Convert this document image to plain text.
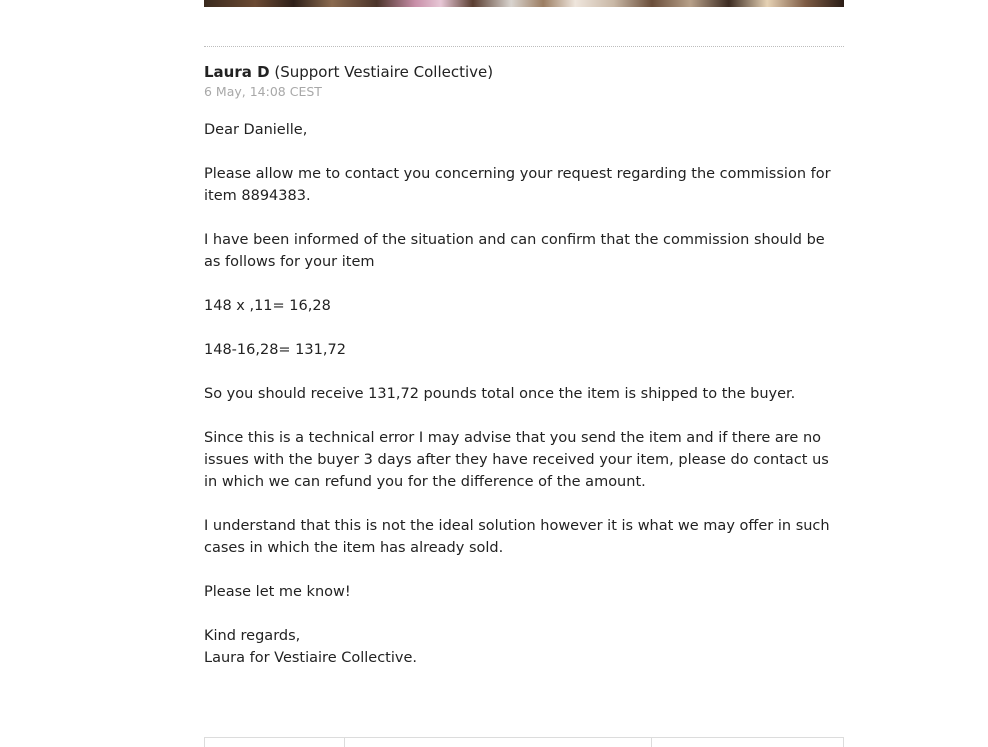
Laura D (Support Vestiaire Collective)
6 May, 14:08 CEST

Dear Danielle,

Please allow me to contact you concerning your request regarding the commission for item 8894383.

I have been informed of the situation and can confirm that the commission should be as follows for your item

148 x ,11= 16,28

148-16,28= 131,72

So you should receive 131,72 pounds total once the item is shipped to the buyer.

Since this is a technical error I may advise that you send the item and if there are no issues with the buyer 3 days after they have received your item, please do contact us in which we can refund you for the difference of the amount.

I understand that this is not the ideal solution however it is what we may offer in such cases in which the item has already sold.

Please let me know!

Kind regards,

Laura for Vestiaire Collective.
